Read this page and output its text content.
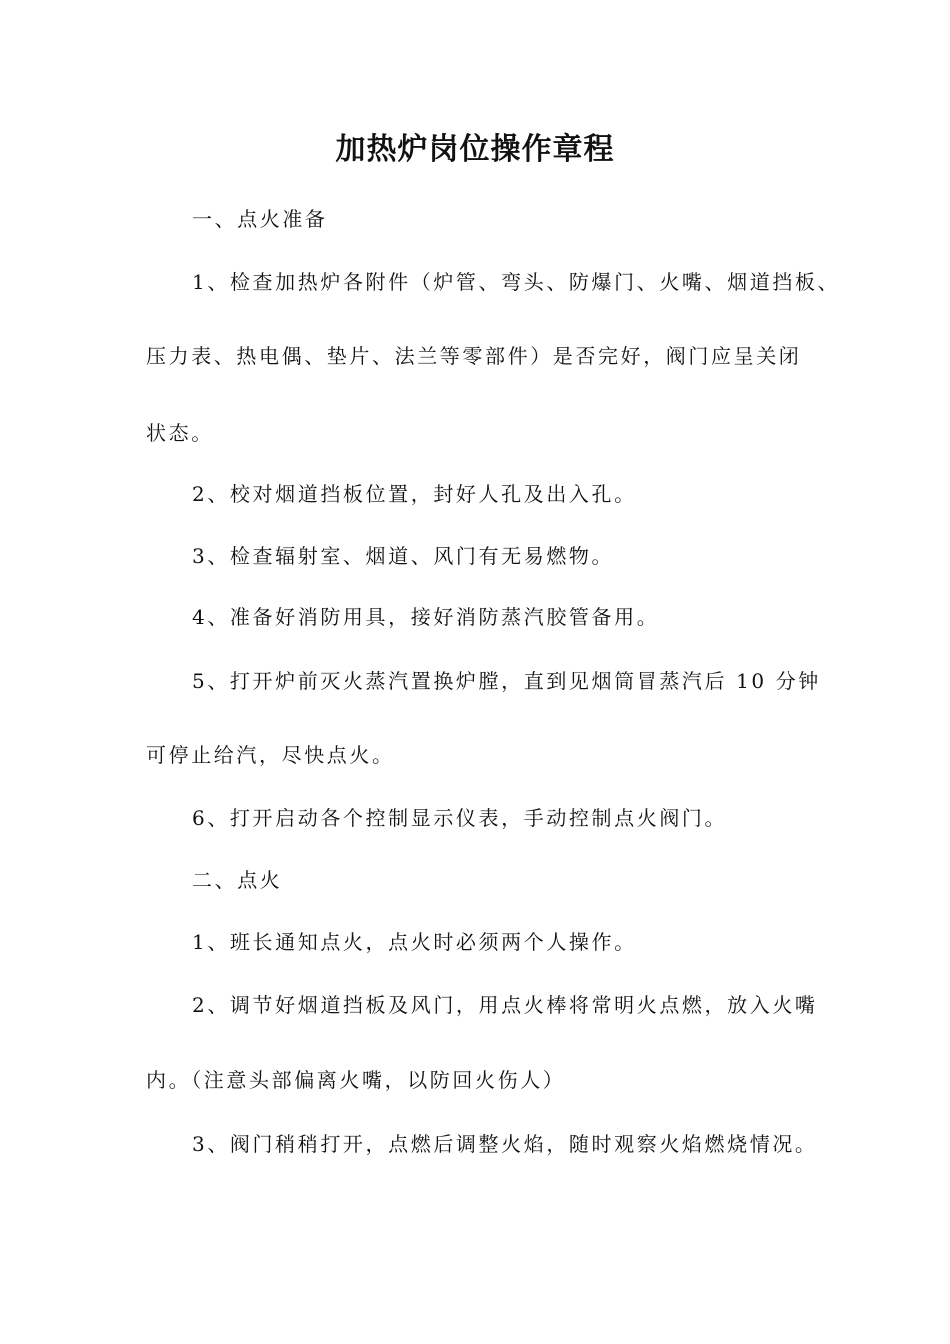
加热炉岗位操作章程
一、点火准备
1、检查加热炉各附件（炉管、弯头、防爆门、火嘴、烟道挡板、
压力表、热电偶、垫片、法兰等零部件）是否完好，阀门应呈关闭
状态。
2、校对烟道挡板位置，封好人孔及出入孔。
3、检查辐射室、烟道、风门有无易燃物。
4、准备好消防用具，接好消防蒸汽胶管备用。
5、打开炉前灭火蒸汽置换炉膛，直到见烟筒冒蒸汽后 10 分钟
可停止给汽，尽快点火。
6、打开启动各个控制显示仪表，手动控制点火阀门。
二、点火
1、班长通知点火，点火时必须两个人操作。
2、调节好烟道挡板及风门，用点火棒将常明火点燃，放入火嘴
内。（注意头部偏离火嘴，以防回火伤人）
3、阀门稍稍打开，点燃后调整火焰，随时观察火焰燃烧情况。
